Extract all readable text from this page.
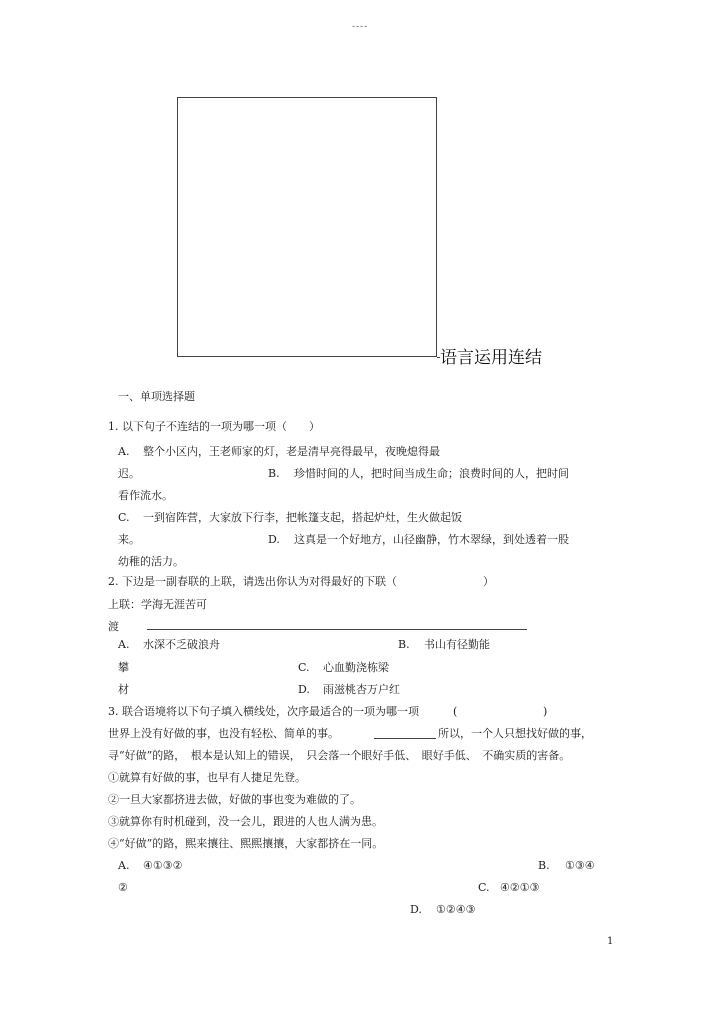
----
语言运用连结
一、单项选择题
1. 以下句子不连结的一项为哪一项（　　）
A. 整个小区内，王老师家的灯，老是清早亮得最早，夜晚熄得最
迟。	B. 珍惜时间的人，把时间当成生命；浪费时间的人，把时间
看作流水。
C. 一到宿阵营，大家放下行李，把帐篷支起，搭起炉灶，生火做起饭
来。	D. 这真是一个好地方，山径幽静，竹木翠绿，到处透着一股
幼稚的活力。
2. 下边是一副春联的上联，请选出你认为对得最好的下联（	）
上联：学海无涯苦可
渡
A. 水深不乏破浪舟	B. 书山有径勤能
攀	C. 心血勤浇栋梁
材	D. 雨滋桃杏万户红
3. 联合语境将以下句子填入横线处，次序最适合的一项为哪一项	(	)
世界上没有好做的事，也没有轻松、简单的事。	所以，一个人只想找好做的事，
寻“好做”的路，　根本是认知上的错误，　只会落一个眼好手低、　眼好手低、　不确实质的害备。
①就算有好做的事，也早有人捷足先登。
②一旦大家都挤进去做，好做的事也变为难做的了。
③就算你有时机碰到，没一会儿，跟进的人也人满为患。
④“好做”的路，熙来攘往、熙熙攘攘，大家都挤在一同。
A. ④①③②	B. ①③④
②	C. ④②①③
D. ①②④③
1
